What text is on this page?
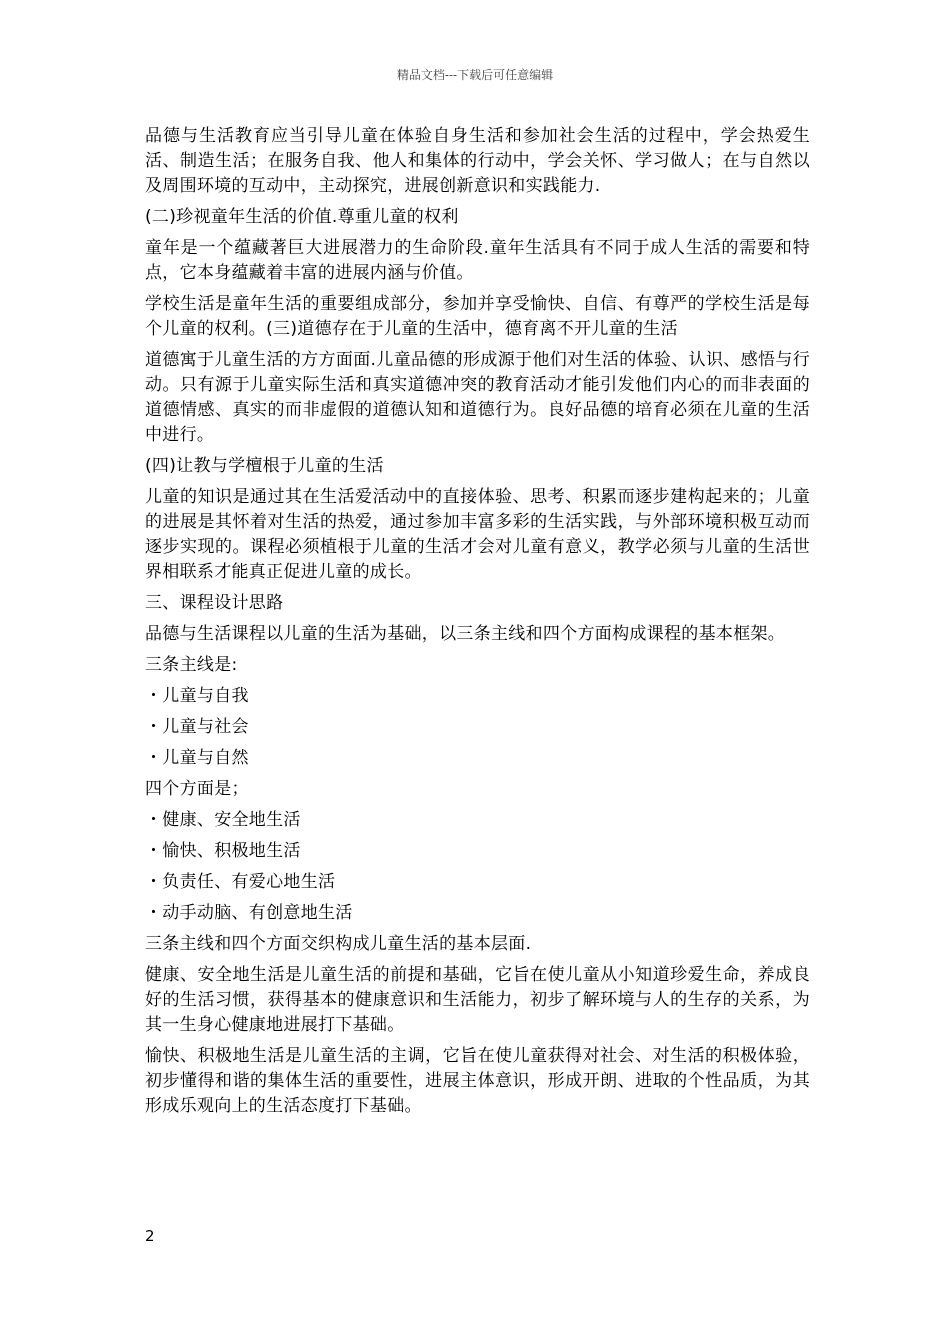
精品文档---下载后可任意编辑

品德与生活教育应当引导儿童在体验自身生活和参加社会生活的过程中，学会热爱生活、制造生活；在服务自我、他人和集体的行动中，学会关怀、学习做人；在与自然以及周围环境的互动中，主动探究，进展创新意识和实践能力.

(二)珍视童年生活的价值.尊重儿童的权利

童年是一个蕴藏著巨大进展潜力的生命阶段.童年生活具有不同于成人生活的需要和特点，它本身蕴藏着丰富的进展内涵与价值。

学校生活是童年生活的重要组成部分，参加并享受愉快、自信、有尊严的学校生活是每个儿童的权利。(三)道德存在于儿童的生活中，德育离不开儿童的生活

道德寓于儿童生活的方方面面.儿童品德的形成源于他们对生活的体验、认识、感悟与行动。只有源于儿童实际生活和真实道德冲突的教育活动才能引发他们内心的而非表面的道德情感、真实的而非虚假的道德认知和道德行为。良好品德的培育必须在儿童的生活中进行。

(四)让教与学檀根于儿童的生活

儿童的知识是通过其在生活爱活动中的直接体验、思考、积累而逐步建构起来的；儿童的进展是其怀着对生活的热爱，通过参加丰富多彩的生活实践，与外部环境积极互动而逐步实现的。课程必须植根于儿童的生活才会对儿童有意义，教学必须与儿童的生活世界相联系才能真正促进儿童的成长。

三、课程设计思路

品德与生活课程以儿童的生活为基础，以三条主线和四个方面构成课程的基本框架。

三条主线是:

・儿童与自我

・儿童与社会

・儿童与自然

四个方面是；

・健康、安全地生活

・愉快、积极地生活

・负责任、有爱心地生活

・动手动脑、有创意地生活

三条主线和四个方面交织构成儿童生活的基本层面.

健康、安全地生活是儿童生活的前提和基础，它旨在使儿童从小知道珍爱生命，养成良好的生活习惯，获得基本的健康意识和生活能力，初步了解环境与人的生存的关系，为其一生身心健康地进展打下基础。

愉快、积极地生活是儿童生活的主调，它旨在使儿童获得对社会、对生活的积极体验，初步懂得和谐的集体生活的重要性，进展主体意识，形成开朗、进取的个性品质，为其形成乐观向上的生活态度打下基础。

2
